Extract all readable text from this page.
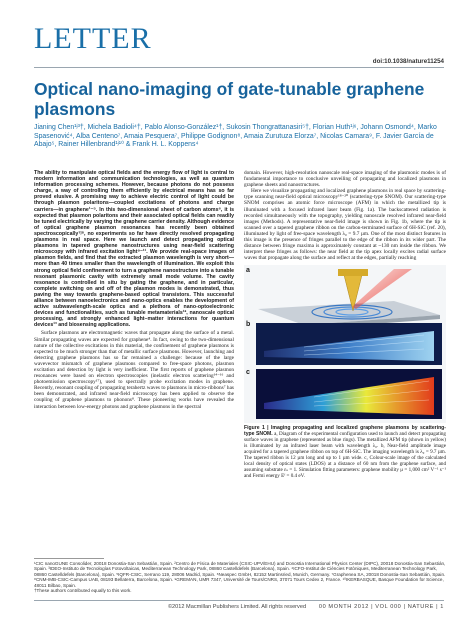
LETTER
doi:10.1038/nature11254
Optical nano-imaging of gate-tunable graphene plasmons
Jianing Chen¹ʲ³†, Michela Badioli⁴†, Pablo Alonso-González¹†, Sukosin Thongrattanasiri⁵†, Florian Huth¹ʲ⁶, Johann Osmond⁴, Marko Spasenović⁴, Alba Centeno⁷, Amaia Pesquera⁷, Philippe Godignon⁸, Amaia Zurutuza Elorza⁷, Nicolas Camara⁹, F. Javier García de Abajo⁵, Rainer Hillenbrand¹ʲ¹⁰ & Frank H. L. Koppens⁴

The ability to manipulate optical fields and the energy flow of light is central to modern information and communication technologies, as well as quantum information processing schemes. However, because photons do not possess charge, a way of controlling them efficiently by electrical means has so far proved elusive. A promising way to achieve electric control of light could be through plasmon polaritons—coupled excitations of photons and charge carriers—in graphene¹⁻⁵. In this two-dimensional sheet of carbon atoms⁶, it is expected that plasmon polaritons and their associated optical fields can readily be tuned electrically by varying the graphene carrier density. Although evidence of optical graphene plasmon resonances has recently been obtained spectroscopically⁷ʲ⁸, no experiments so far have directly resolved propagating plasmons in real space. Here we launch and detect propagating optical plasmons in tapered graphene nanostructures using near-field scattering microscopy with infrared excitation light⁹⁻¹¹. We provide real-space images of plasmon fields, and find that the extracted plasmon wavelength is very short—more than 40 times smaller than the wavelength of illumination. We exploit this strong optical field confinement to turn a graphene nanostructure into a tunable resonant plasmonic cavity with extremely small mode volume. The cavity resonance is controlled in situ by gating the graphene, and in particular, complete switching on and off of the plasmon modes is demonstrated, thus paving the way towards graphene-based optical transistors. This successful alliance between nanoelectronics and nano-optics enables the development of active subwavelength-scale optics and a plethora of nano-optoelectronic devices and functionalities, such as tunable metamaterials¹², nanoscale optical processing, and strongly enhanced light–matter interactions for quantum devices¹³ and biosensing applications.

Surface plasmons are electromagnetic waves that propagate along the surface of a metal. Similar propagating waves are expected for graphene⁴. In fact, owing to the two-dimensional nature of the collective excitations in this material, the confinement of graphene plasmons is expected to be much stronger than that of metallic surface plasmons. However, launching and detecting graphene plasmons has so far remained a challenge: because of the large wavevector mismatch of graphene plasmons compared to free-space photons, plasmon excitation and detection by light is very inefficient. The first reports of graphene plasmon resonances were based on electron spectroscopies (inelastic electron scattering¹⁴⁻¹⁶ and photoemission spectroscopy¹⁷), used to spectrally probe excitation modes in graphene. Recently, resonant coupling of propagating terahertz waves to plasmons in micro-ribbons⁷ has been demonstrated, and infrared near-field microscopy has been applied to observe the coupling of graphene plasmons to phonons⁸. These pioneering works have revealed the interaction between low-energy photons and graphene plasmons in the spectral

domain. However, high-resolution nanoscale real-space imaging of the plasmonic modes is of fundamental importance to conclusive unveiling of propagating and localized plasmons in graphene sheets and nanostructures.

Here we visualize propagating and localized graphene plasmons in real space by scattering-type scanning near-field optical microscopy¹⁸⁻²⁰ (scattering-type SNOM). Our scattering-type SNOM comprises an atomic force microscope (AFM) in which the metallized tip is illuminated with a focused infrared laser beam (Fig. 1a). The backscattered radiation is recorded simultaneously with the topography, yielding nanoscale resolved infrared near-field images (Methods). A representative near-field image is shown in Fig. 1b, where the tip is scanned over a tapered graphene ribbon on the carbon-terminated surface of 6H-SiC (ref. 20), illuminated by light of free-space wavelength λ₀ = 9.7 µm. One of the most distinct features in this image is the presence of fringes parallel to the edge of the ribbon in its wider part. The distance between fringe maxima is approximately constant at ~130 nm inside the ribbon. We interpret these fringes as follows: the near field at the tip apex locally excites radial surface waves that propagate along the surface and reflect at the edges, partially reaching

a
b
c

Figure 1 | Imaging propagating and localized graphene plasmons by scattering-type SNOM. a, Diagram of the experimental configuration used to launch and detect propagating surface waves in graphene (represented as blue rings). The metallized AFM tip (shown in yellow) is illuminated by an infrared laser beam with wavelength λ₀. b, Near-field amplitude image acquired for a tapered graphene ribbon on top of 6H-SiC. The imaging wavelength is λ₀ = 9.7 µm. The tapered ribbon is 12 µm long and up to 1 µm wide. c, Colour-scale image of the calculated local density of optical states (LDOS) at a distance of 60 nm from the graphene surface, and assuming substrate εₛ = 1. Simulation fitting parameters: graphene mobility μ = 1,000 cm² V⁻¹ s⁻¹ and Fermi energy Eᶠ = 0.4 eV.

¹CIC nanoGUNE Consolider, 20018 Donostia-San Sebastián, Spain. ²Centro de Física de Materiales (CSIC-UPV/EHU) and Donostia International Physics Center (DIPC), 20018 Donostia-San Sebastián, Spain. ³IDEO-Instituto de Tecnologías Fotovoltaicas, Mediterranean Technology Park, 08860 Castelldefels (Barcelona), Spain. ⁴ICFO-Institut de Ciències Fotòniques, Mediterranean Technology Park, 08860 Castelldefels (Barcelona), Spain. ⁵IQFR-CSIC, Serrano 119, 28006 Madrid, Spain. ⁶Neaspec GmbH, 82152 Martinsried, Munich, Germany. ⁷Graphenea SA, 20018 Donostia-San Sebastián, Spain. ⁸CNM-IMB-CSIC-Campus UAB, 08193 Bellaterra, Barcelona, Spain. ⁹GREMAN, UMR 7347, Université de Tours/CNRS, 37071 Tours Cedex 2, France. ¹⁰IKERBASQUE, Basque Foundation for Science, 48011 Bilbao, Spain.
†These authors contributed equally to this work.
©2012 Macmillan Publishers Limited. All rights reserved	00 MONTH 2012 | VOL 000 | NATURE | 1
